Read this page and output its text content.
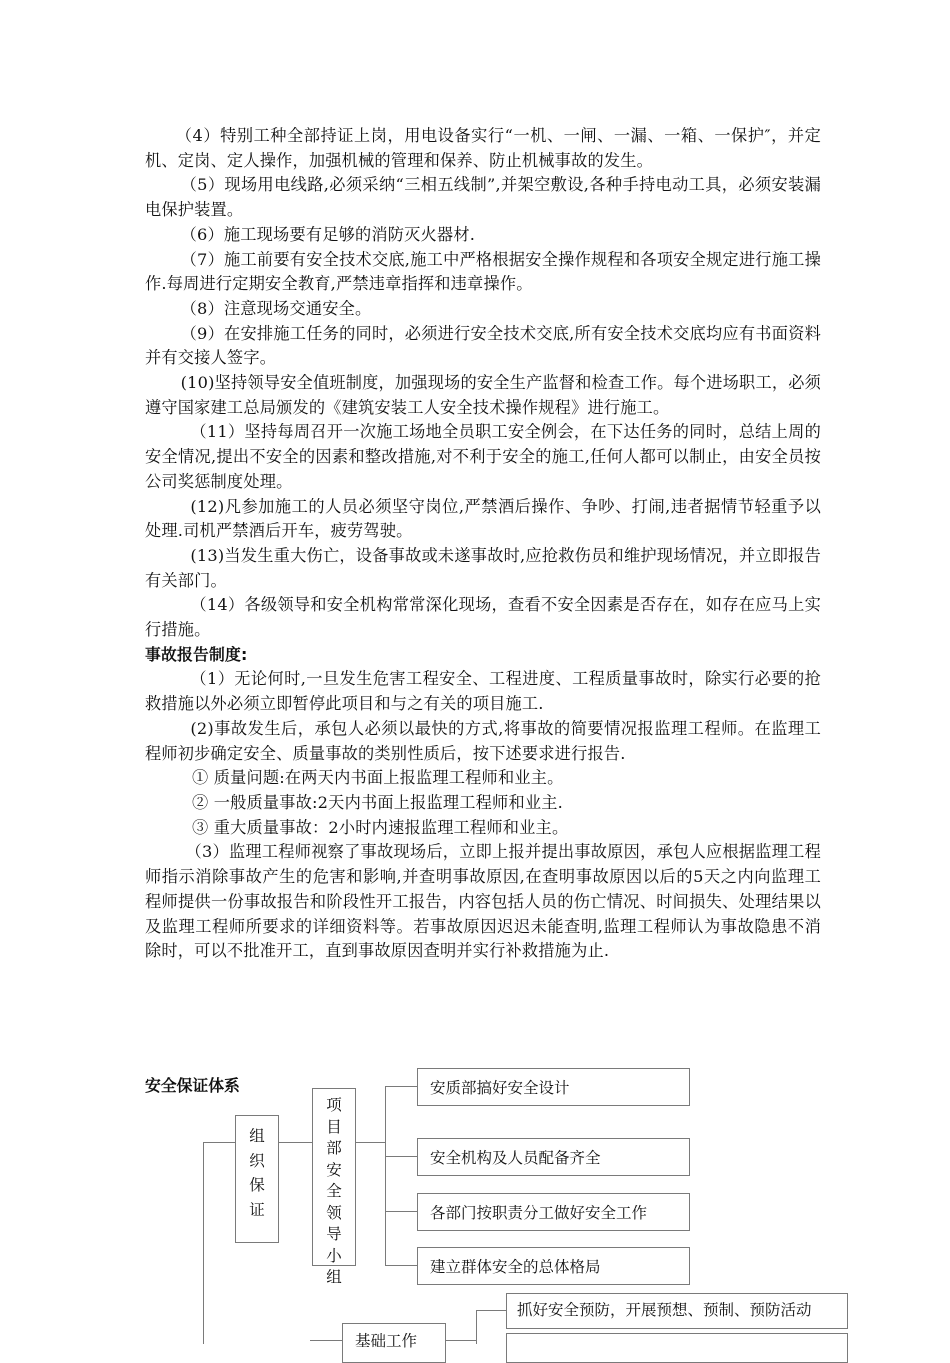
（4）特别工种全部持证上岗，用电设备实行“一机、一闸、一漏、一箱、一保护″，并定机、定岗、定人操作，加强机械的管理和保养、防止机械事故的发生。

（5）现场用电线路,必须采纳“三相五线制”,并架空敷设,各种手持电动工具，必须安装漏电保护装置。

（6）施工现场要有足够的消防灭火器材.

（7）施工前要有安全技术交底,施工中严格根据安全操作规程和各项安全规定进行施工操作.每周进行定期安全教育,严禁违章指挥和违章操作。

（8）注意现场交通安全。

（9）在安排施工任务的同时，必须进行安全技术交底,所有安全技术交底均应有书面资料并有交接人签字。

(10)坚持领导安全值班制度，加强现场的安全生产监督和检查工作。每个进场职工，必须遵守国家建工总局颁发的《建筑安装工人安全技术操作规程》进行施工。

（11）坚持每周召开一次施工场地全员职工安全例会，在下达任务的同时，总结上周的安全情况,提出不安全的因素和整改措施,对不利于安全的施工,任何人都可以制止，由安全员按公司奖惩制度处理。

(12)凡参加施工的人员必须坚守岗位,严禁酒后操作、争吵、打闹,违者据情节轻重予以处理.司机严禁酒后开车，疲劳驾驶。

(13)当发生重大伤亡，设备事故或未遂事故时,应抢救伤员和维护现场情况，并立即报告有关部门。

（14）各级领导和安全机构常常深化现场，查看不安全因素是否存在，如存在应马上实行措施。

事故报告制度:

（1）无论何时,一旦发生危害工程安全、工程进度、工程质量事故时，除实行必要的抢救措施以外必须立即暂停此项目和与之有关的项目施工.

(2)事故发生后，承包人必须以最快的方式,将事故的简要情况报监理工程师。在监理工程师初步确定安全、质量事故的类别性质后，按下述要求进行报告.

① 质量问题:在两天内书面上报监理工程师和业主。

② 一般质量事故:2天内书面上报监理工程师和业主.

③ 重大质量事故：2小时内速报监理工程师和业主。

（3）监理工程师视察了事故现场后，立即上报并提出事故原因，承包人应根据监理工程师指示消除事故产生的危害和影响,并查明事故原因,在查明事故原因以后的5天之内向监理工程师提供一份事故报告和阶段性开工报告，内容包括人员的伤亡情况、时间损失、处理结果以及监理工程师所要求的详细资料等。若事故原因迟迟未能查明,监理工程师认为事故隐患不消除时，可以不批准开工，直到事故原因查明并实行补救措施为止.

安全保证体系
组
织
保
证
项
目
部
安
全
领
导
小
组
安质部搞好安全设计
安全机构及人员配备齐全
各部门按职责分工做好安全工作
建立群体安全的总体格局
基础工作
抓好安全预防，开展预想、预制、预防活动
